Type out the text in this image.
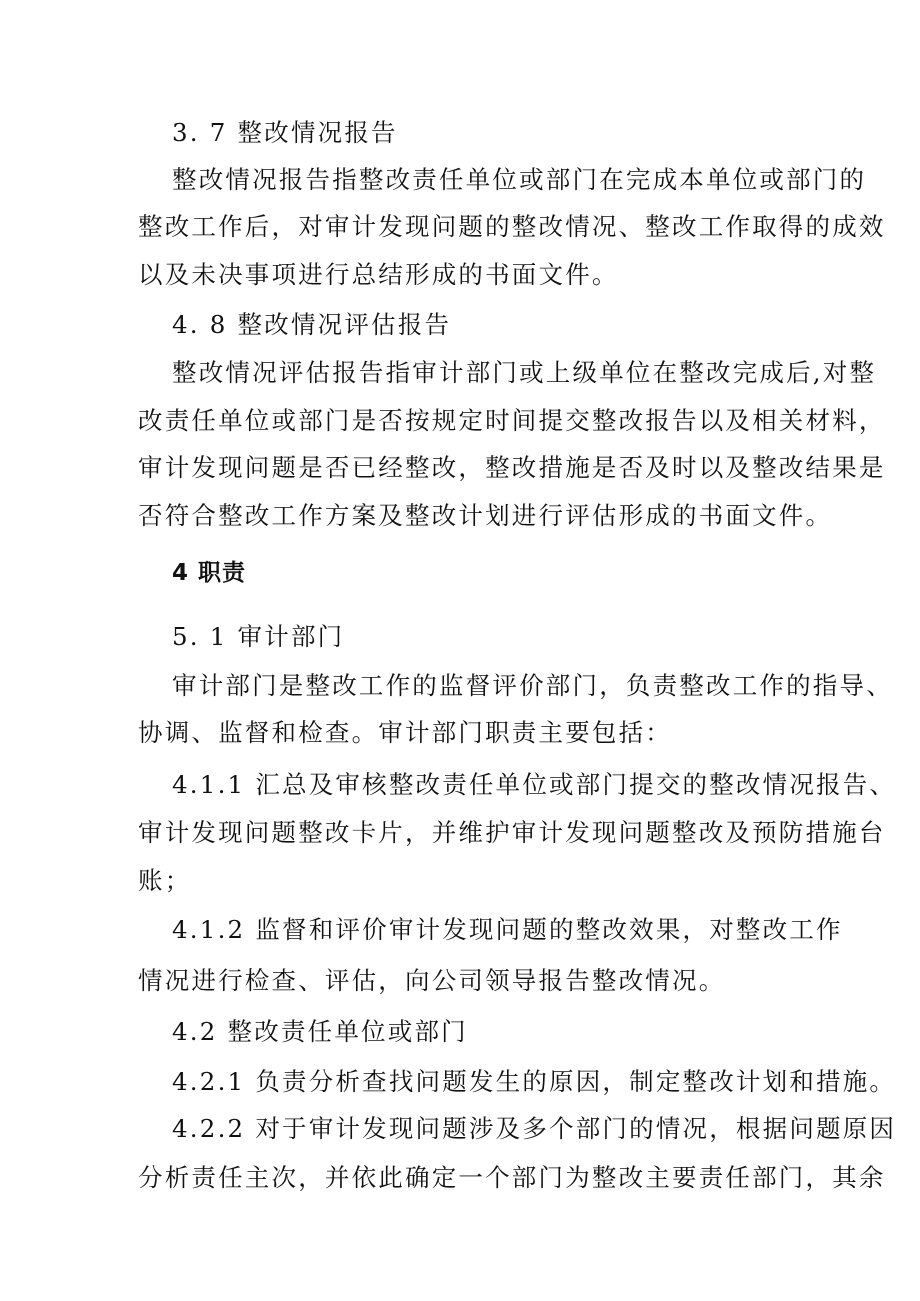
3. 7 整改情况报告
整改情况报告指整改责任单位或部门在完成本单位或部门的
整改工作后，对审计发现问题的整改情况、整改工作取得的成效
以及未决事项进行总结形成的书面文件。
4. 8 整改情况评估报告
整改情况评估报告指审计部门或上级单位在整改完成后,对整
改责任单位或部门是否按规定时间提交整改报告以及相关材料，
审计发现问题是否已经整改，整改措施是否及时以及整改结果是
否符合整改工作方案及整改计划进行评估形成的书面文件。
4 职责
5. 1 审计部门
审计部门是整改工作的监督评价部门，负责整改工作的指导、
协调、监督和检查。审计部门职责主要包括：
4.1.1 汇总及审核整改责任单位或部门提交的整改情况报告、
审计发现问题整改卡片，并维护审计发现问题整改及预防措施台
账；
4.1.2 监督和评价审计发现问题的整改效果，对整改工作
情况进行检查、评估，向公司领导报告整改情况。
4.2 整改责任单位或部门
4.2.1 负责分析查找问题发生的原因，制定整改计划和措施。
4.2.2 对于审计发现问题涉及多个部门的情况，根据问题原因
分析责任主次，并依此确定一个部门为整改主要责任部门，其余
